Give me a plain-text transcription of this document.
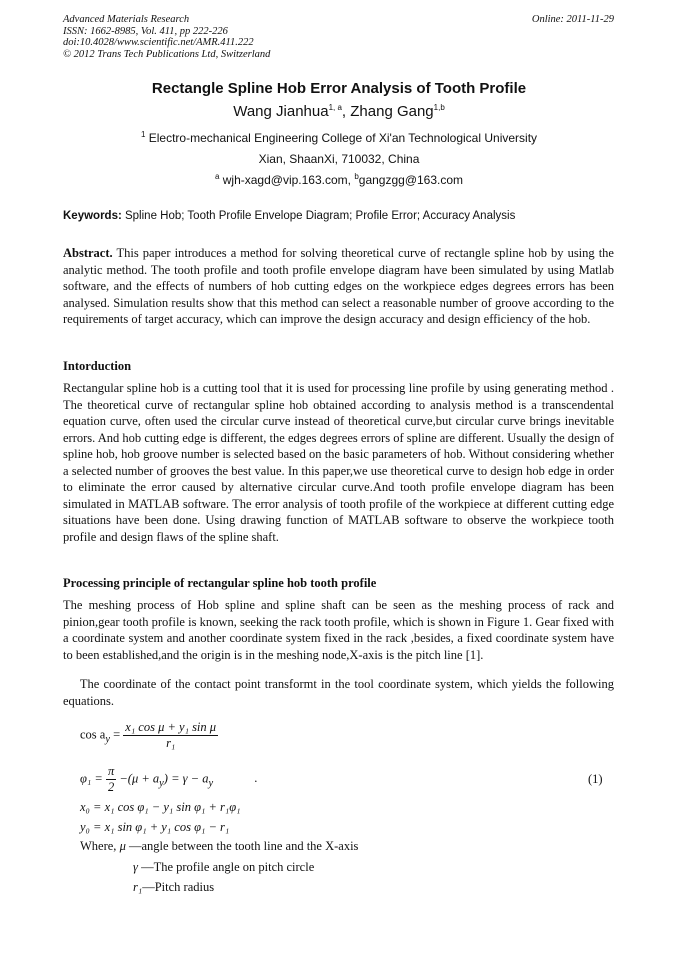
Advanced Materials Research
ISSN: 1662-8985, Vol. 411, pp 222-226
doi:10.4028/www.scientific.net/AMR.411.222
© 2012 Trans Tech Publications Ltd, Switzerland
Online: 2011-11-29
Rectangle Spline Hob Error Analysis of Tooth Profile
Wang Jianhua$^{1, a}$, Zhang Gang$^{1,b}$
$^1$ Electro-mechanical Engineering College of Xi'an Technological University
Xian, ShaanXi, 710032, China
$^a$ wjh-xagd@vip.163.com, $^b$gangzgg@163.com

Keywords: Spline Hob; Tooth Profile Envelope Diagram; Profile Error; Accuracy Analysis

Abstract. This paper introduces a method for solving theoretical curve of rectangle spline hob by using the analytic method. The tooth profile and tooth profile envelope diagram have been simulated by using Matlab software, and the effects of numbers of hob cutting edges on the workpiece edges degrees errors has been analysed. Simulation results show that this method can select a reasonable number of groove according to the requirements of target accuracy, which can improve the design accuracy and design efficiency of the hob.

Intorduction

Rectangular spline hob is a cutting tool that it is used for processing line profile by using generating method . The theoretical curve of rectangular spline hob obtained according to analysis method is a transcendental equation curve, often used the circular curve instead of theoretical curve,but circular curve brings inevitable errors. And hob cutting edge is different, the edges degrees errors of spline are different. Usually the design of spline hob, hob groove number is selected based on the basic parameters of hob. Without considering whether a selected number of grooves the best value. In this paper,we use theoretical curve to design hob edge in order to eliminate the error caused by alternative circular curve.And tooth profile envelope diagram has been simulated in MATLAB software. The error analysis of tooth profile of the workpiece at different cutting edge situations have been done. Using drawing function of MATLAB software to observe the workpiece tooth profile and design flaws of the spline shaft.

Processing principle of rectangular spline hob tooth profile

The meshing process of Hob spline and spline shaft can be seen as the meshing process of rack and pinion,gear tooth profile is known, seeking the rack tooth profile, which is shown in Figure 1. Gear fixed with a coordinate system and another coordinate system fixed in the rack ,besides, a fixed coordinate system have to been established,and the origin is in the meshing node,X-axis is the pitch line [1].

The coordinate of the contact point transformt in the tool coordinate system, which yields the following equations.

$\cos a_y = \frac{\text{x₁ cos μ + y₁ sin μ}}{\text{r₁}}$
$\varphi_1 = \frac{\pi}{2} -(\mu + a_y) = \gamma - a_y$	.	(1)
x₀ = x₁ cos φ₁ − y₁ sin φ₁ + r₁φ₁
y₀ = x₁ sin φ₁ + y₁ cos φ₁ − r₁
Where, μ —angle between the tooth line and the X-axis
γ —The profile angle on pitch circle
r₁—Pitch radius
